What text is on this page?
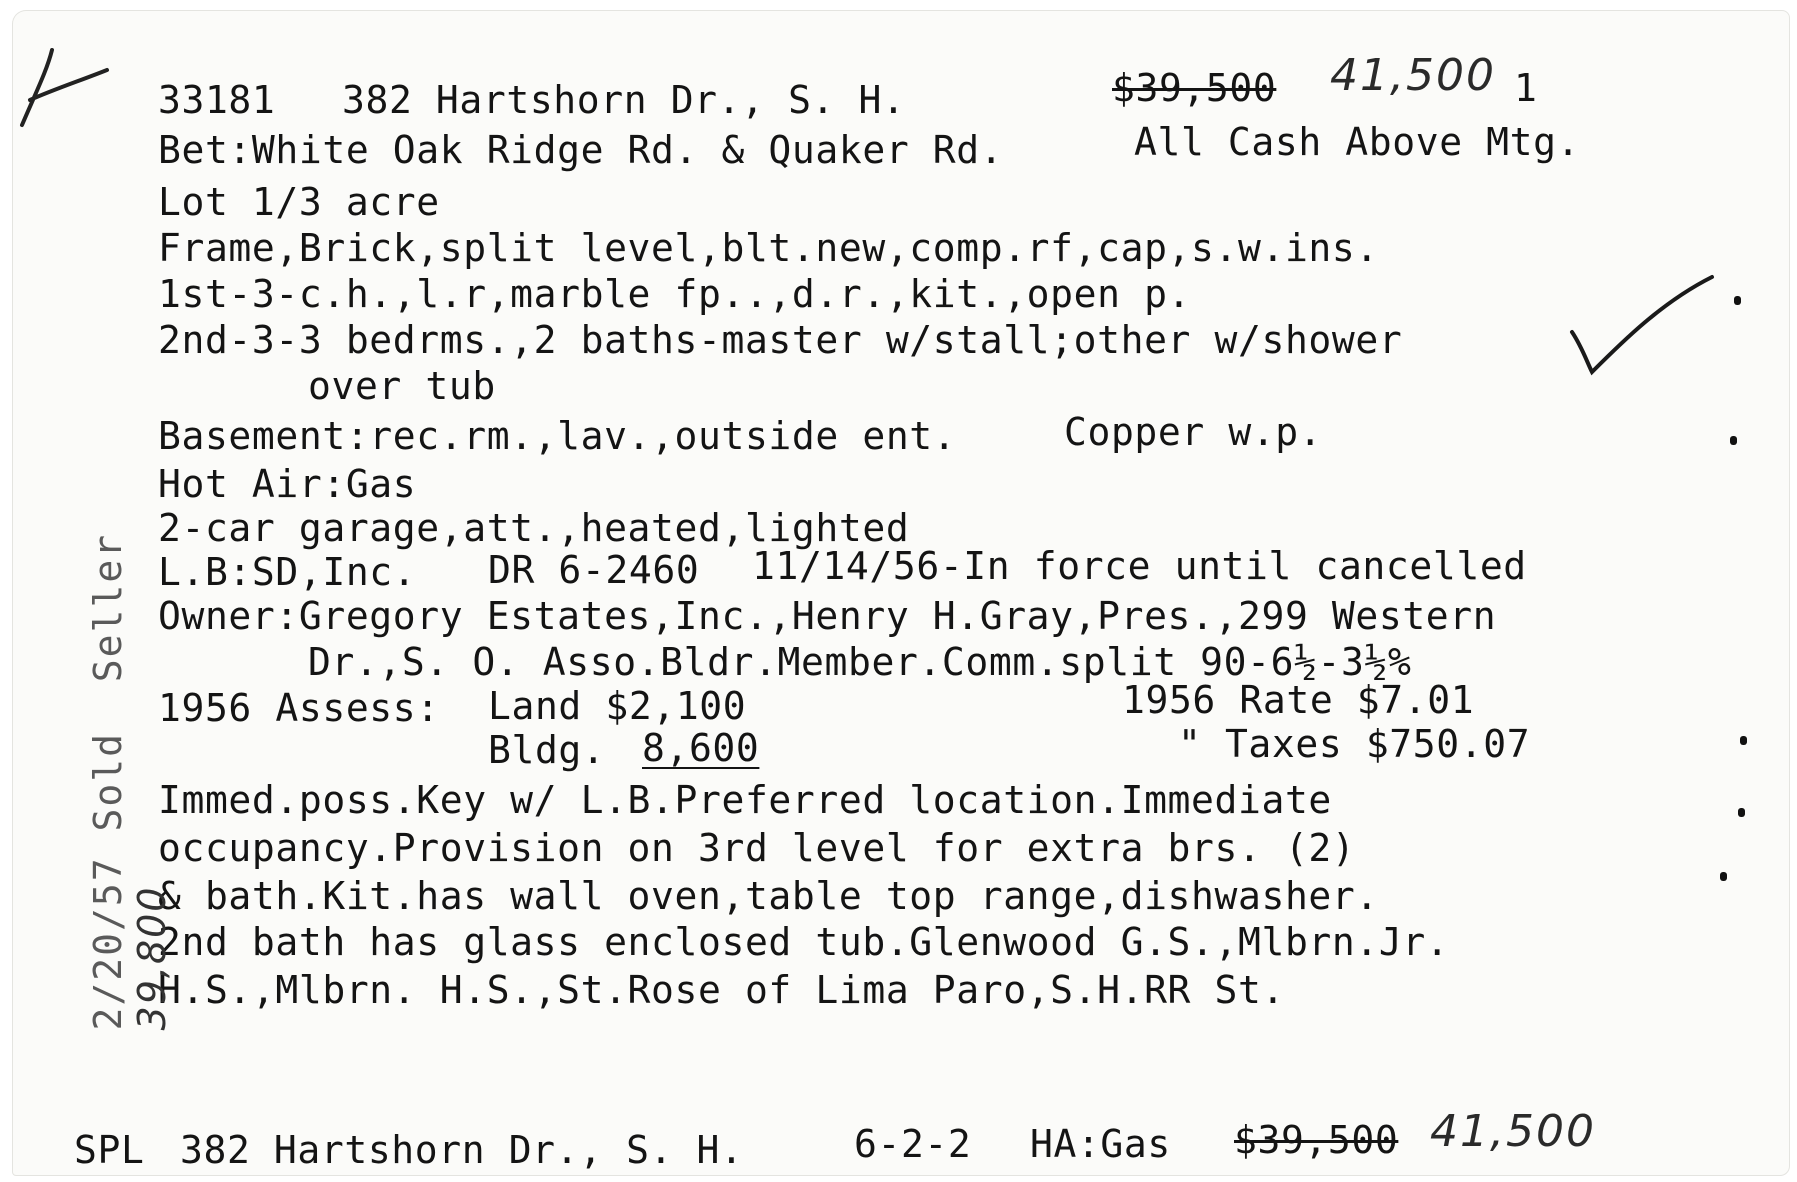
33181 382 Hartshorn Dr., S. H.	$39,500 41,500 1
Bet:White Oak Ridge Rd. & Quaker Rd.	All Cash Above Mtg.
Lot 1/3 acre
Frame,Brick,split level,blt.new,comp.rf,cap,s.w.ins.
1st-3-c.h.,l.r,marble fp..,d.r.,kit.,open p.
2nd-3-3 bedrms.,2 baths-master w/stall;other w/shower
over tub
Basement:rec.rm.,lav.,outside ent.	Copper w.p.
Hot Air:Gas
2-car garage,att.,heated,lighted
L.B:SD,Inc. DR 6-2460 11/14/56-In force until cancelled
Owner:Gregory Estates,Inc.,Henry H.Gray,Pres.,299 Western
Dr.,S. O. Asso.Bldr.Member.Comm.split 90-6½-3½%
1956 Assess: Land $2,100	1956 Rate $7.01
Bldg. 8,600	" Taxes $750.07
Immed.poss.Key w/ L.B.Preferred location.Immediate
occupancy.Provision on 3rd level for extra brs. (2)
& bath.Kit.has wall oven,table top range,dishwasher.
2nd bath has glass enclosed tub.Glenwood G.S.,Mlbrn.Jr.
H.S.,Mlbrn. H.S.,St.Rose of Lima Paro,S.H.RR St.
SPL 382 Hartshorn Dr., S. H.	6-2-2 HA:Gas $39,500 41,500

2/20/57 Sold  Seller
39,800
